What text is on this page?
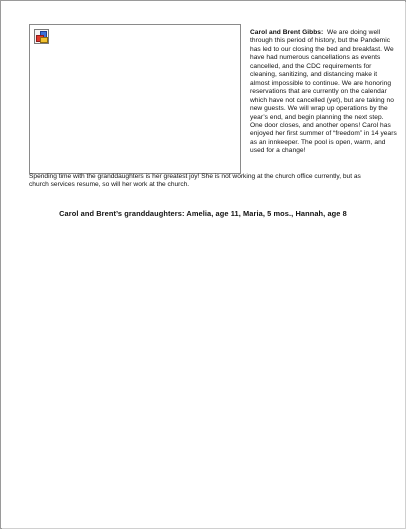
Carol and Brent Gibbs: We are doing well through this period of history, but the Pandemic has led to our closing the bed and breakfast. We have had numerous cancellations as events cancelled, and the CDC requirements for cleaning, sanitizing, and distancing make it almost impossible to continue. We are honoring reservations that are currently on the calendar which have not cancelled (yet), but are taking no new guests. We will wrap up operations by the year’s end, and begin planning the next step. One door closes, and another opens! Carol has enjoyed her first summer of “freedom” in 14 years as an innkeeper. The pool is open, warm, and used for a change!
Spending time with the granddaughters is her greatest joy! She is not working at the church office currently, but as church services resume, so will her work at the church.
Carol and Brent’s granddaughters: Amelia, age 11, Maria, 5 mos., Hannah, age 8
